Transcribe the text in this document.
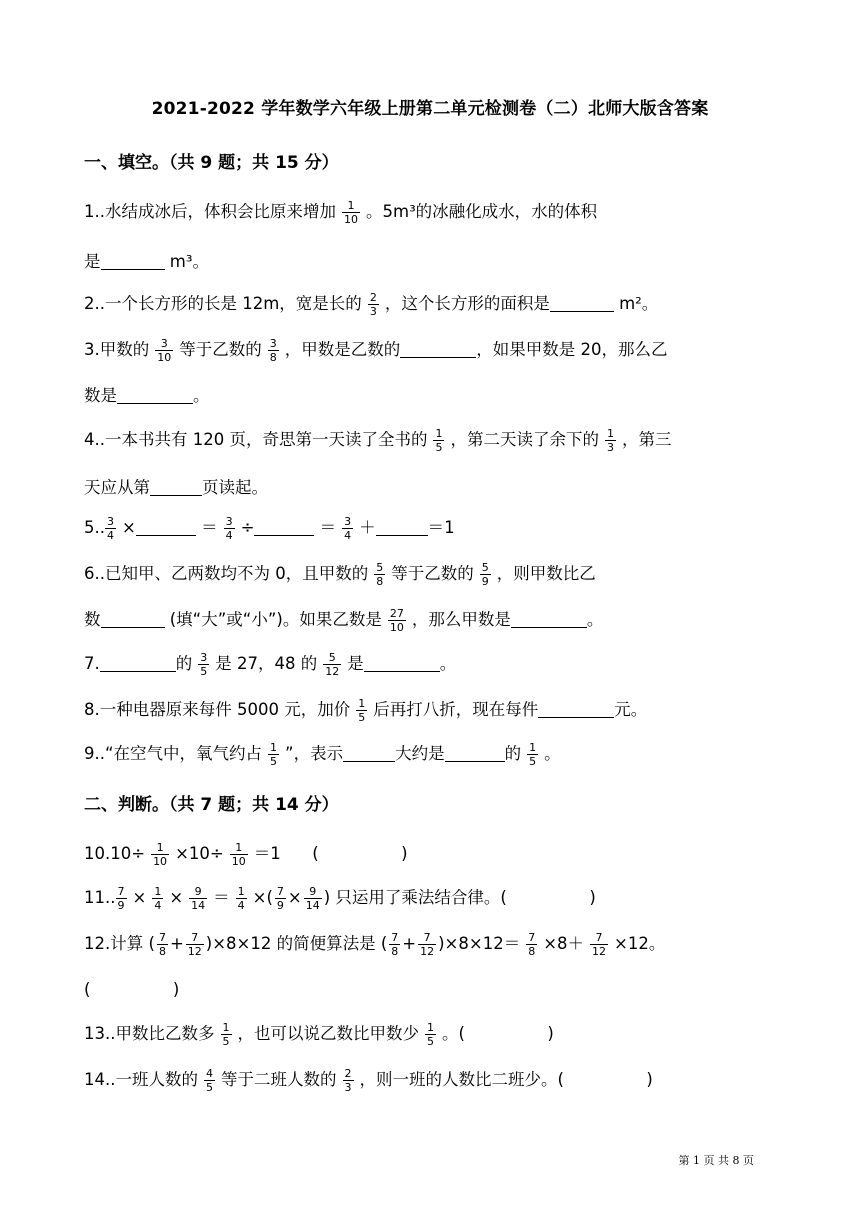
2021-2022 学年数学六年级上册第二单元检测卷（二）北师大版含答案
一、填空。（共 9 题；共 15 分）
1..水结成冰后，体积会比原来增加 $\frac{1}{10}$ 。5m³的冰融化成水，水的体积
是	m³。
2..一个长方形的长是 12m，宽是长的 $\frac{2}{3}$ ，这个长方形的面积是	m²。
3.甲数的 $\frac{3}{10}$ 等于乙数的 $\frac{3}{8}$ ，甲数是乙数的	，如果甲数是 20，那么乙
数是	。
4..一本书共有 120 页，奇思第一天读了全书的 $\frac{1}{5}$ ，第二天读了余下的 $\frac{1}{3}$ ，第三
天应从第	页读起。
5.. $\frac{3}{4}$ ×	＝ $\frac{3}{4}$ ÷	＝ $\frac{3}{4}$ ＋	＝1
6..已知甲、乙两数均不为 0，且甲数的 $\frac{5}{8}$ 等于乙数的 $\frac{5}{9}$ ，则甲数比乙
数	(填“大”或“小”)。如果乙数是 $\frac{27}{10}$ ，那么甲数是	。
7.	的 $\frac{3}{5}$ 是 27，48 的 $\frac{5}{12}$ 是	。
8.一种电器原来每件 5000 元，加价 $\frac{1}{5}$ 后再打八折，现在每件	元。
9..“在空气中，氧气约占 $\frac{1}{5}$ ”，表示	大约是	的 $\frac{1}{5}$ 。
二、判断。（共 7 题；共 14 分）
$10.10\div \frac{1}{10} \times 10\div \frac{1}{10} =1$ (　　　　　)
11.. $\frac{7}{9} \times \frac{1}{4} \times \frac{9}{14} = \frac{1}{4}$ ×( $\frac{7}{9} \times \frac{9}{14}$ ) 只运用了乘法结合律。(　　　　　)
12.计算 ( $\frac{7}{8} + \frac{7}{12} )\times 8\times 12$ 的简便算法是 ( $\frac{7}{8} + \frac{7}{12} )\times 8\times 12= \frac{7}{8} \times 8+ \frac{7}{12} \times 12$。
(　　　　　)
13..甲数比乙数多 $\frac{1}{5}$ ，也可以说乙数比甲数少 $\frac{1}{5}$ 。(　　　　　)
14..一班人数的 $\frac{4}{5}$ 等于二班人数的 $\frac{2}{3}$ ，则一班的人数比二班少。(　　　　　)
第 1 页 共 8 页
